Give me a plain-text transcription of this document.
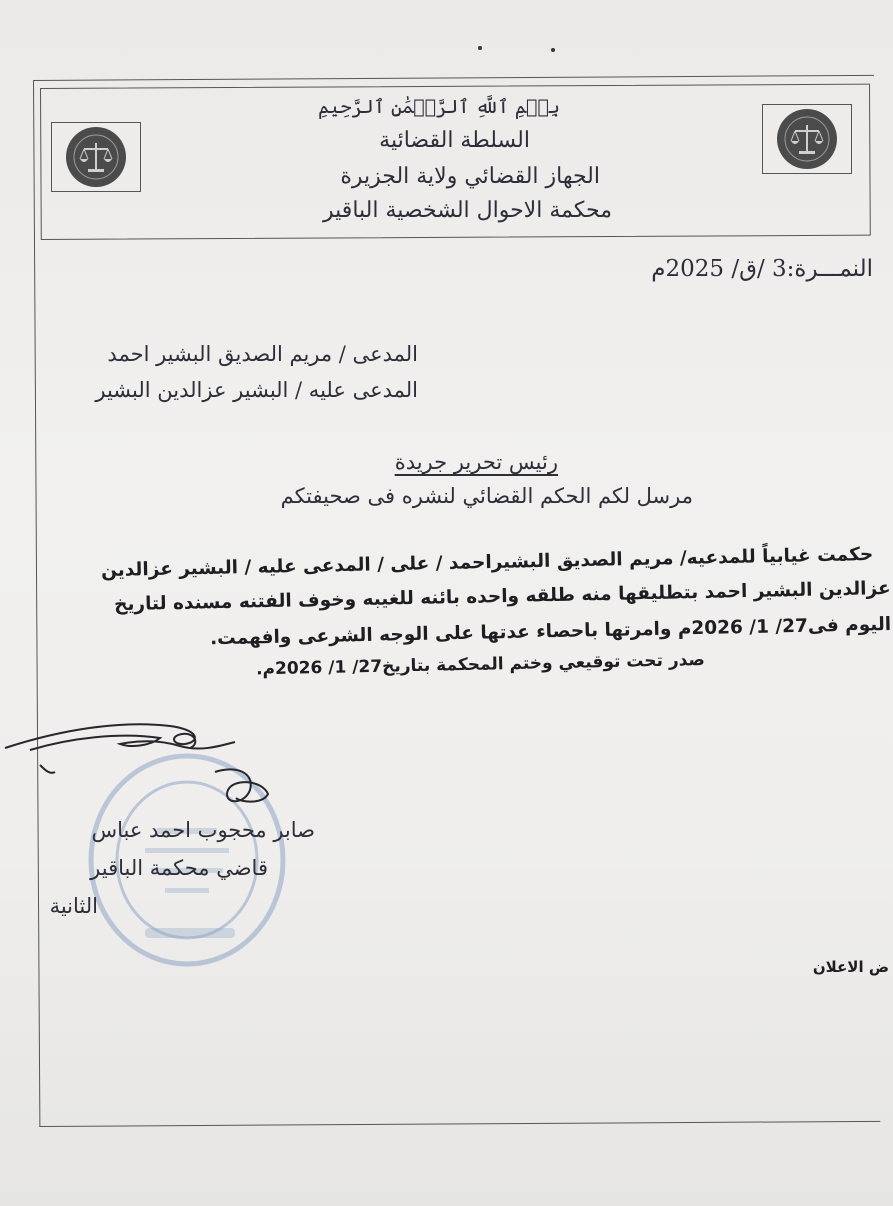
بِسۡمِ ٱللَّهِ ٱلرَّحۡمَٰنِ ٱلرَّحِيمِ
السلطة القضائية
الجهاز القضائي ولاية الجزيرة
محكمة الاحوال الشخصية الباقير
النمـــرة:3 /ق/ 2025م
المدعى / مريم الصديق البشير احمد
المدعى عليه / البشير عزالدين البشير
رئيس تحرير جريدة
مرسل لكم الحكم القضائي لنشره فى صحيفتكم
حكمت غيابياً للمدعيه/ مريم الصديق البشيراحمد / على / المدعى عليه / البشير عزالدين
عزالدين البشير احمد بتطليقها منه طلقه واحده بائنه للغيبه وخوف الفتنه مسنده لتاريخ
اليوم فى27/ 1/ 2026م وامرتها باحصاء عدتها على الوجه الشرعى وافهمت.
صدر تحت توقيعي وختم المحكمة بتاريخ27/ 1/ 2026م.
صابر محجوب احمد عباس
قاضي محكمة الباقير
الثانية
ض الاعلان
